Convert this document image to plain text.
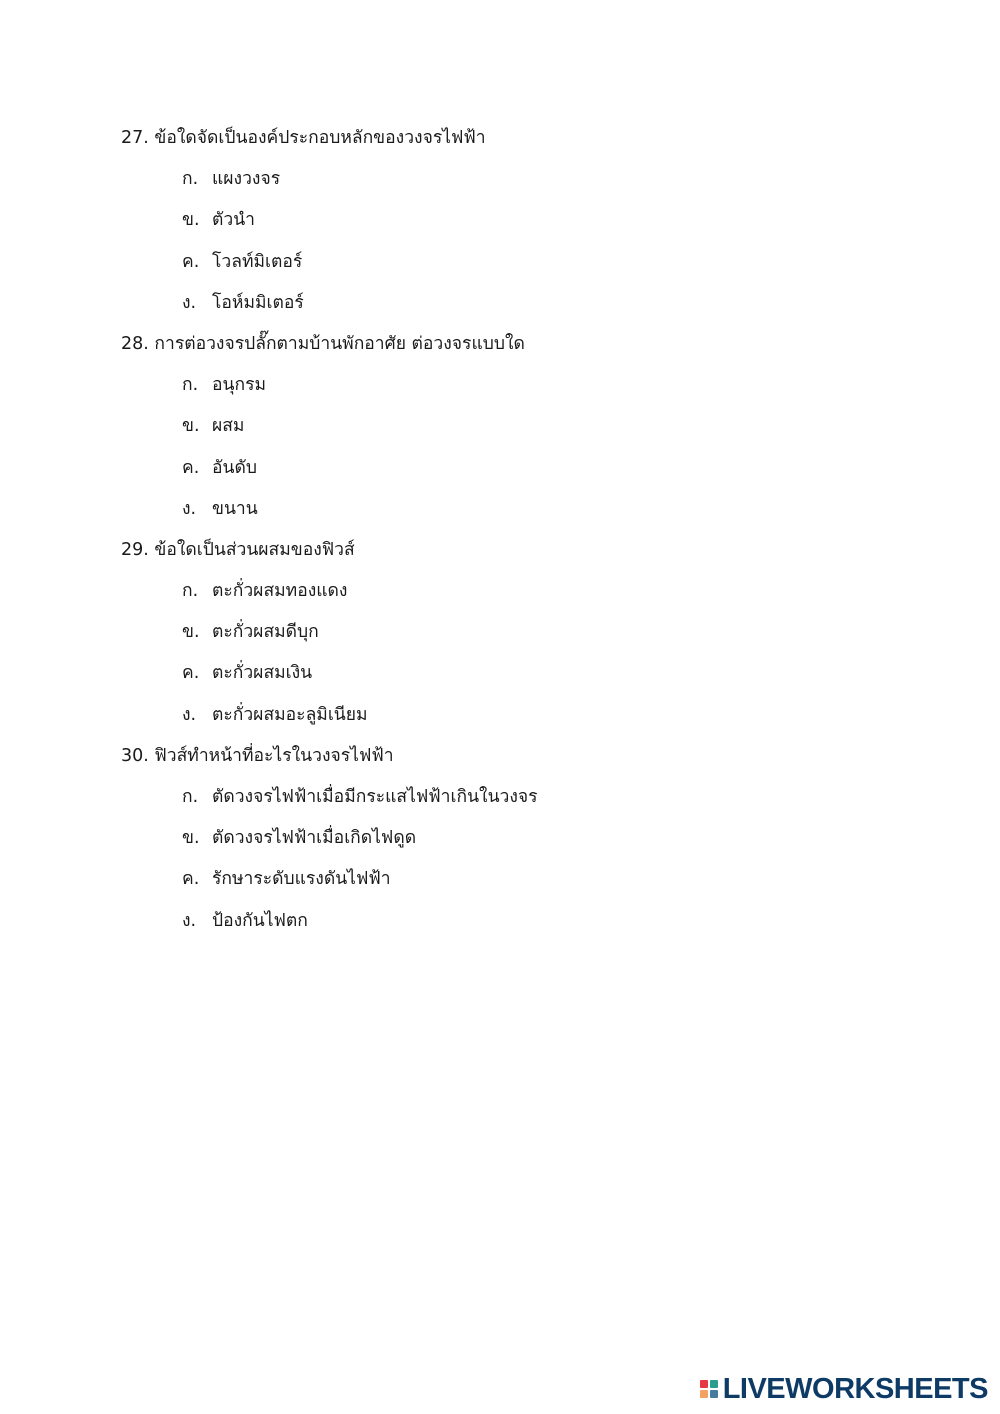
27. ข้อใดจัดเป็นองค์ประกอบหลักของวงจรไฟฟ้า
ก. แผงวงจร
ข. ตัวนำ
ค. โวลท์มิเตอร์
ง. โอห์มมิเตอร์
28. การต่อวงจรปลั๊กตามบ้านพักอาศัย ต่อวงจรแบบใด
ก. อนุกรม
ข. ผสม
ค. อันดับ
ง. ขนาน
29. ข้อใดเป็นส่วนผสมของฟิวส์
ก. ตะกั่วผสมทองแดง
ข. ตะกั่วผสมดีบุก
ค. ตะกั่วผสมเงิน
ง. ตะกั่วผสมอะลูมิเนียม
30. ฟิวส์ทำหน้าที่อะไรในวงจรไฟฟ้า
ก. ตัดวงจรไฟฟ้าเมื่อมีกระแสไฟฟ้าเกินในวงจร
ข. ตัดวงจรไฟฟ้าเมื่อเกิดไฟดูด
ค. รักษาระดับแรงดันไฟฟ้า
ง. ป้องกันไฟตก
LIVEWORKSHEETS
